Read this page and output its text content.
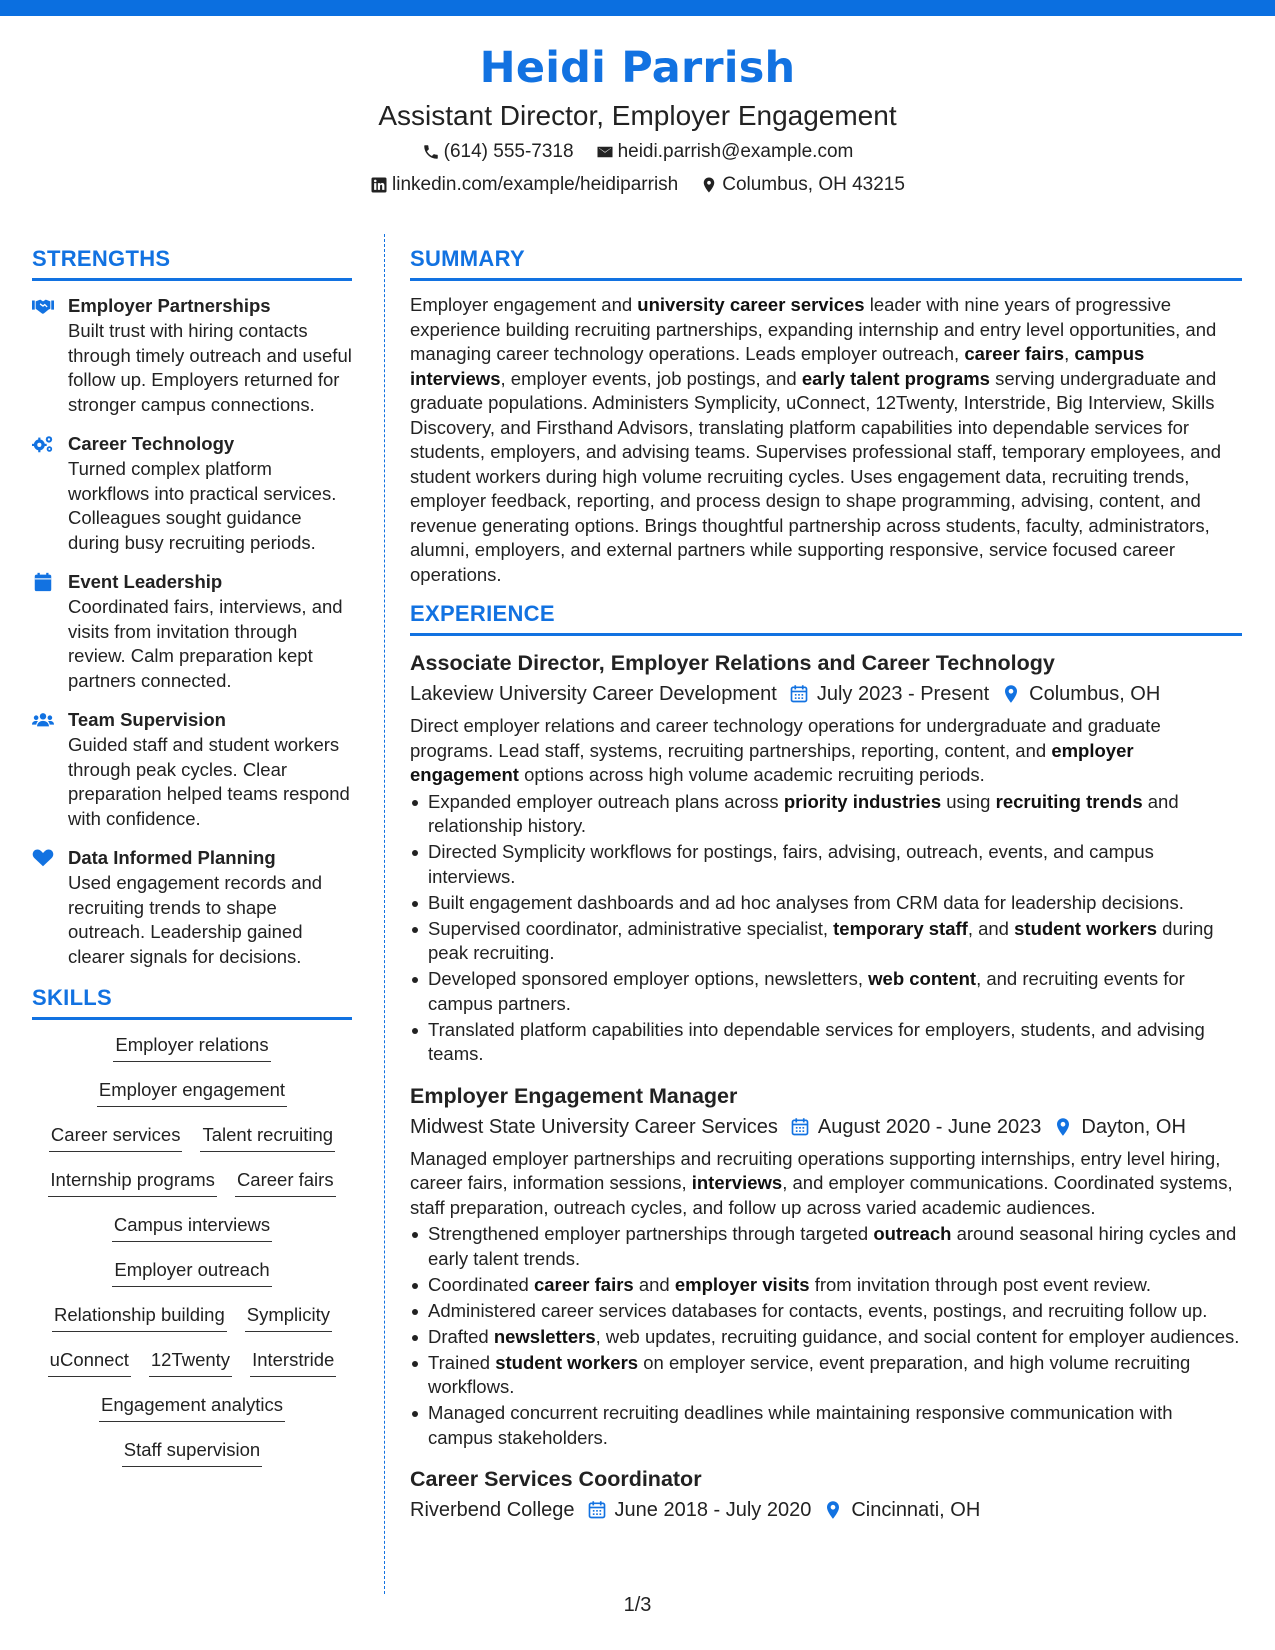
Heidi Parrish
Assistant Director, Employer Engagement
(614) 555-7318 heidi.parrish@example.com
linkedin.com/example/heidiparrish Columbus, OH 43215
STRENGTHS
Employer Partnerships
Built trust with hiring contacts through timely outreach and useful follow up. Employers returned for stronger campus connections.
Career Technology
Turned complex platform workflows into practical services. Colleagues sought guidance during busy recruiting periods.
Event Leadership
Coordinated fairs, interviews, and visits from invitation through review. Calm preparation kept partners connected.
Team Supervision
Guided staff and student workers through peak cycles. Clear preparation helped teams respond with confidence.
Data Informed Planning
Used engagement records and recruiting trends to shape outreach. Leadership gained clearer signals for decisions.
SKILLS
Employer relations
Employer engagement
Career services Talent recruiting
Internship programs Career fairs
Campus interviews
Employer outreach
Relationship building Symplicity
uConnect 12Twenty Interstride
Engagement analytics
Staff supervision
SUMMARY

Employer engagement and university career services leader with nine years of progressive experience building recruiting partnerships, expanding internship and entry level opportunities, and managing career technology operations. Leads employer outreach, career fairs, campus interviews, employer events, job postings, and early talent programs serving undergraduate and graduate populations. Administers Symplicity, uConnect, 12Twenty, Interstride, Big Interview, Skills Discovery, and Firsthand Advisors, translating platform capabilities into dependable services for students, employers, and advising teams. Supervises professional staff, temporary employees, and student workers during high volume recruiting cycles. Uses engagement data, recruiting trends, employer feedback, reporting, and process design to shape programming, advising, content, and revenue generating options. Brings thoughtful partnership across students, faculty, administrators, alumni, employers, and external partners while supporting responsive, service focused career operations.

EXPERIENCE
Associate Director, Employer Relations and Career Technology
Lakeview University Career Development July 2023 - Present Columbus, OH

Direct employer relations and career technology operations for undergraduate and graduate programs. Lead staff, systems, recruiting partnerships, reporting, content, and employer engagement options across high volume academic recruiting periods.

Expanded employer outreach plans across priority industries using recruiting trends and relationship history.
Directed Symplicity workflows for postings, fairs, advising, outreach, events, and campus interviews.
Built engagement dashboards and ad hoc analyses from CRM data for leadership decisions.
Supervised coordinator, administrative specialist, temporary staff, and student workers during peak recruiting.
Developed sponsored employer options, newsletters, web content, and recruiting events for campus partners.
Translated platform capabilities into dependable services for employers, students, and advising teams.
Employer Engagement Manager
Midwest State University Career Services August 2020 - June 2023 Dayton, OH

Managed employer partnerships and recruiting operations supporting internships, entry level hiring, career fairs, information sessions, interviews, and employer communications. Coordinated systems, staff preparation, outreach cycles, and follow up across varied academic audiences.

Strengthened employer partnerships through targeted outreach around seasonal hiring cycles and early talent trends.
Coordinated career fairs and employer visits from invitation through post event review.
Administered career services databases for contacts, events, postings, and recruiting follow up.
Drafted newsletters, web updates, recruiting guidance, and social content for employer audiences.
Trained student workers on employer service, event preparation, and high volume recruiting workflows.
Managed concurrent recruiting deadlines while maintaining responsive communication with campus stakeholders.
Career Services Coordinator
Riverbend College June 2018 - July 2020 Cincinnati, OH
1/3
